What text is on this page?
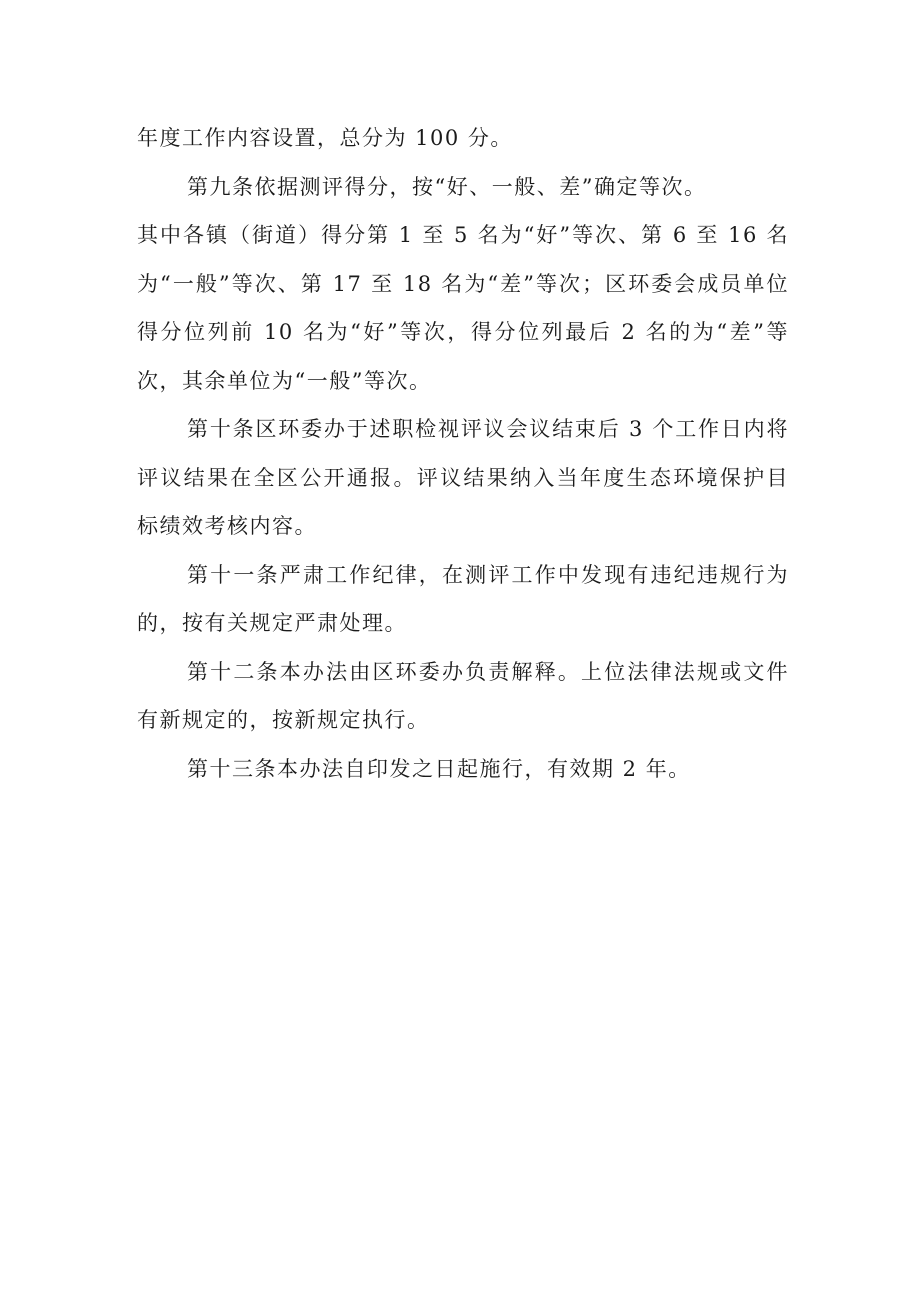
年度工作内容设置，总分为 100 分。

第九条依据测评得分，按“好、一般、差”确定等次。

其中各镇（街道）得分第 1 至 5 名为“好”等次、第 6 至 16 名为“一般”等次、第 17 至 18 名为“差”等次；区环委会成员单位得分位列前 10 名为“好”等次，得分位列最后 2 名的为“差”等次，其余单位为“一般”等次。

第十条区环委办于述职检视评议会议结束后 3 个工作日内将评议结果在全区公开通报。评议结果纳入当年度生态环境保护目标绩效考核内容。

第十一条严肃工作纪律，在测评工作中发现有违纪违规行为的，按有关规定严肃处理。

第十二条本办法由区环委办负责解释。上位法律法规或文件有新规定的，按新规定执行。

第十三条本办法自印发之日起施行，有效期 2 年。
